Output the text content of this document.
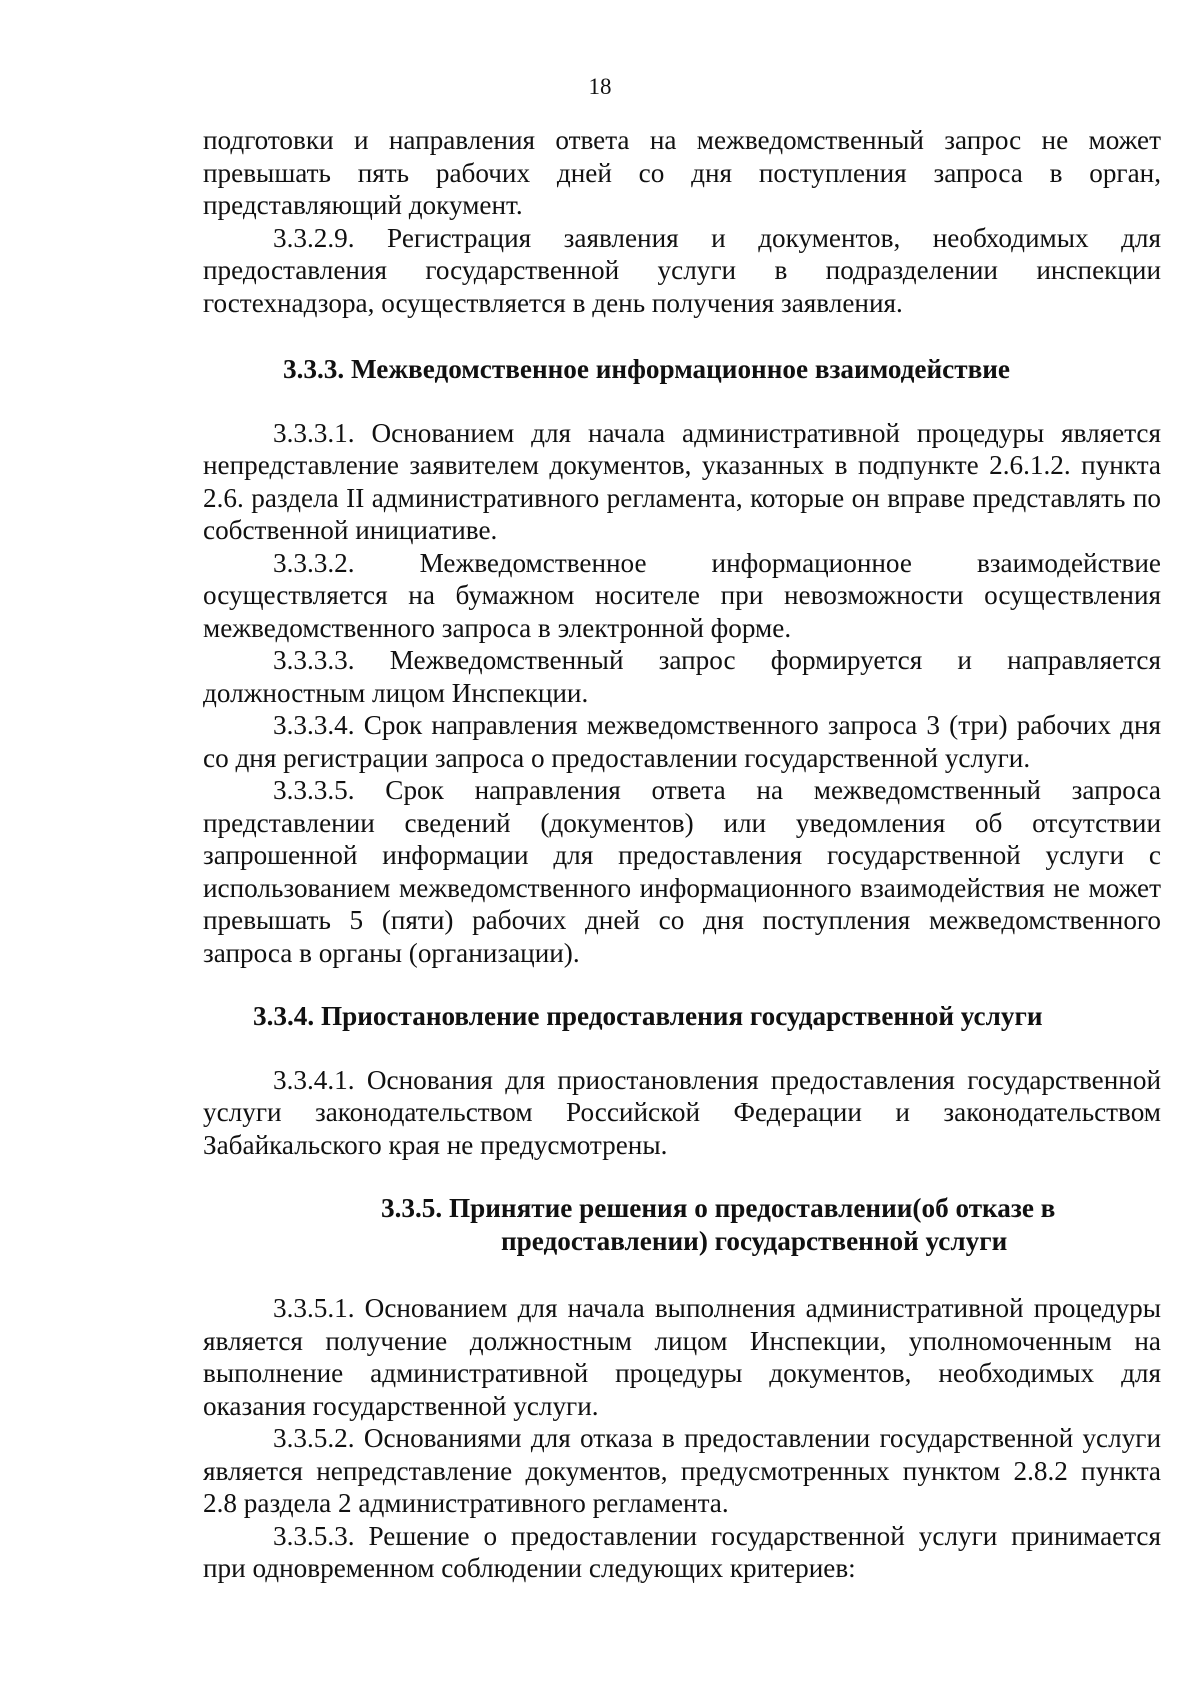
18

подготовки и направления ответа на межведомственный запрос не может превышать пять рабочих дней со дня поступления запроса в орган, представляющий документ.

3.3.2.9. Регистрация заявления и документов, необходимых для предоставления государственной услуги в подразделении инспекции гостехнадзора, осуществляется в день получения заявления.

3.3.3. Межведомственное информационное взаимодействие

3.3.3.1. Основанием для начала административной процедуры является непредставление заявителем документов, указанных в подпункте 2.6.1.2. пункта 2.6. раздела II административного регламента, которые он вправе представлять по собственной инициативе.

3.3.3.2. Межведомственное информационное взаимодействие осуществляется на бумажном носителе при невозможности осуществления межведомственного запроса в электронной форме.

3.3.3.3. Межведомственный запрос формируется и направляется должностным лицом Инспекции.

3.3.3.4. Срок направления межведомственного запроса 3 (три) рабочих дня со дня регистрации запроса о предоставлении государственной услуги.

3.3.3.5. Срок направления ответа на межведомственный запроса представлении сведений (документов) или уведомления об отсутствии запрошенной информации для предоставления государственной услуги с использованием межведомственного информационного взаимодействия не может превышать 5 (пяти) рабочих дней со дня поступления межведомственного запроса в органы (организации).

3.3.4. Приостановление предоставления государственной услуги

3.3.4.1. Основания для приостановления предоставления государственной услуги законодательством Российской Федерации и законодательством Забайкальского края не предусмотрены.

3.3.5. Принятие решения о предоставлении(об отказе в
предоставлении) государственной услуги

3.3.5.1. Основанием для начала выполнения административной процедуры является получение должностным лицом Инспекции, уполномоченным на выполнение административной процедуры документов, необходимых для оказания государственной услуги.

3.3.5.2. Основаниями для отказа в предоставлении государственной услуги является непредставление документов, предусмотренных пунктом 2.8.2 пункта 2.8 раздела 2 административного регламента.

3.3.5.3. Решение о предоставлении государственной услуги принимается при одновременном соблюдении следующих критериев:
